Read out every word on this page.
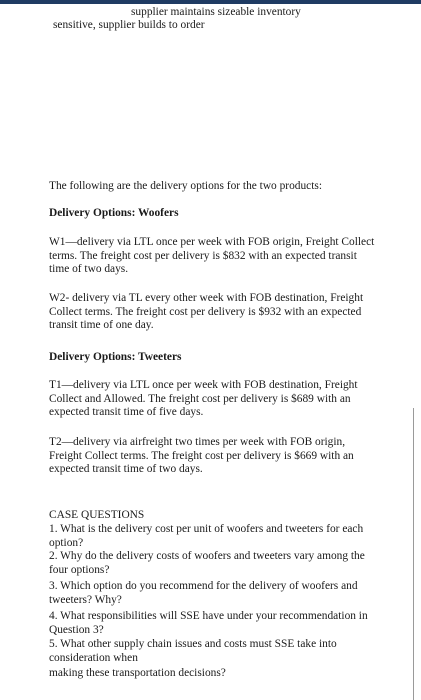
supplier maintains sizeable inventory
sensitive, supplier builds to order
The following are the delivery options for the two products:
Delivery Options: Woofers

W1—delivery via LTL once per week with FOB origin, Freight Collect terms. The freight cost per delivery is $832 with an expected transit time of two days.

W2- delivery via TL every other week with FOB destination, Freight Collect terms. The freight cost per delivery is $932 with an expected transit time of one day.

Delivery Options: Tweeters

T1—delivery via LTL once per week with FOB destination, Freight Collect and Allowed. The freight cost per delivery is $689 with an expected transit time of five days.

T2—delivery via airfreight two times per week with FOB origin, Freight Collect terms. The freight cost per delivery is $669 with an expected transit time of two days.

CASE QUESTIONS

1. What is the delivery cost per unit of woofers and tweeters for each option?

2. Why do the delivery costs of woofers and tweeters vary among the four options?

3. Which option do you recommend for the delivery of woofers and tweeters? Why?

4. What responsibilities will SSE have under your recommendation in Question 3?

5. What other supply chain issues and costs must SSE take into consideration when

making these transportation decisions?
